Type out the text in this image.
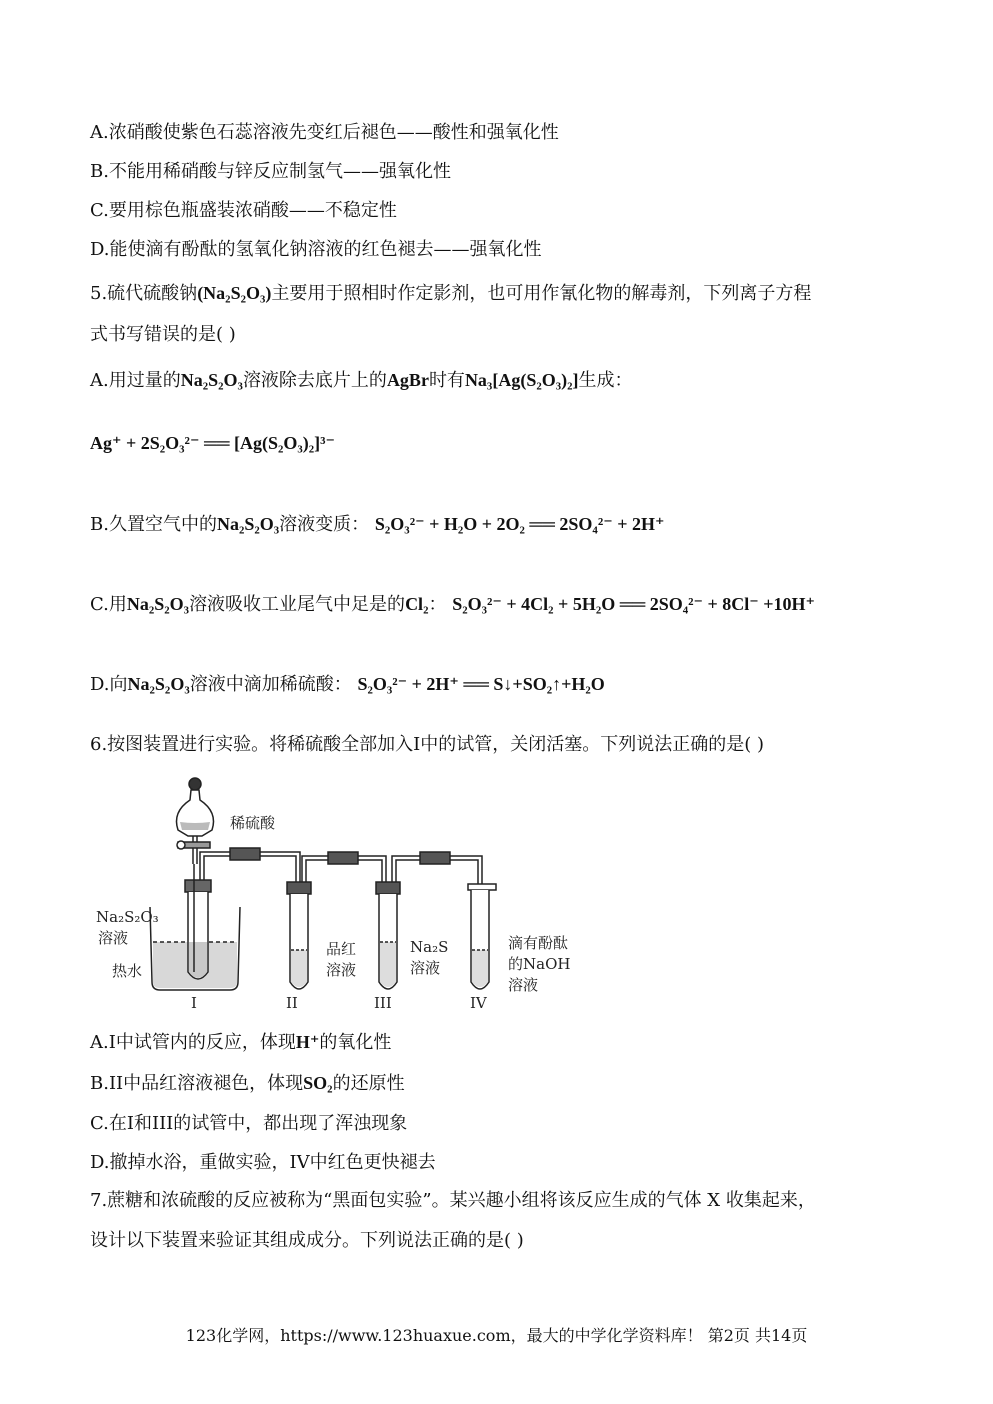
A.浓硝酸使紫色石蕊溶液先变红后褪色——酸性和强氧化性
B.不能用稀硝酸与锌反应制氢气——强氧化性
C.要用棕色瓶盛装浓硝酸——不稳定性
D.能使滴有酚酞的氢氧化钠溶液的红色褪去——强氧化性
5.硫代硫酸钠(Na₂S₂O₃)主要用于照相时作定影剂，也可用作氰化物的解毒剂，下列离子方程
式书写错误的是( )
A.用过量的Na₂S₂O₃溶液除去底片上的AgBr时有Na₃[Ag(S₂O₃)₂]生成：
Ag⁺ + 2S₂O₃²⁻ ══ [Ag(S₂O₃)₂]³⁻
B.久置空气中的Na₂S₂O₃溶液变质： S₂O₃²⁻ + H₂O + 2O₂ ══ 2SO₄²⁻ + 2H⁺
C.用Na₂S₂O₃溶液吸收工业尾气中足是的Cl₂： S₂O₃²⁻ + 4Cl₂ + 5H₂O ══ 2SO₄²⁻ + 8Cl⁻ +10H⁺
D.向Na₂S₂O₃溶液中滴加稀硫酸： S₂O₃²⁻ + 2H⁺ ══ S↓+SO₂↑+H₂O
6.按图装置进行实验。将稀硫酸全部加入I中的试管，关闭活塞。下列说法正确的是( )
稀硫酸
Na₂S₂O₃
溶液
热水
品红
溶液
Na₂S
溶液
滴有酚酞
的NaOH
溶液
I	II	III	IV
A.I中试管内的反应，体现H⁺的氧化性
B.II中品红溶液褪色，体现SO₂的还原性
C.在I和III的试管中，都出现了浑浊现象
D.撤掉水浴，重做实验，IV中红色更快褪去
7.蔗糖和浓硫酸的反应被称为“黑面包实验”。某兴趣小组将该反应生成的气体 X 收集起来，
设计以下装置来验证其组成成分。下列说法正确的是( )
123化学网，https://www.123huaxue.com，最大的中学化学资料库！ 第2页 共14页
